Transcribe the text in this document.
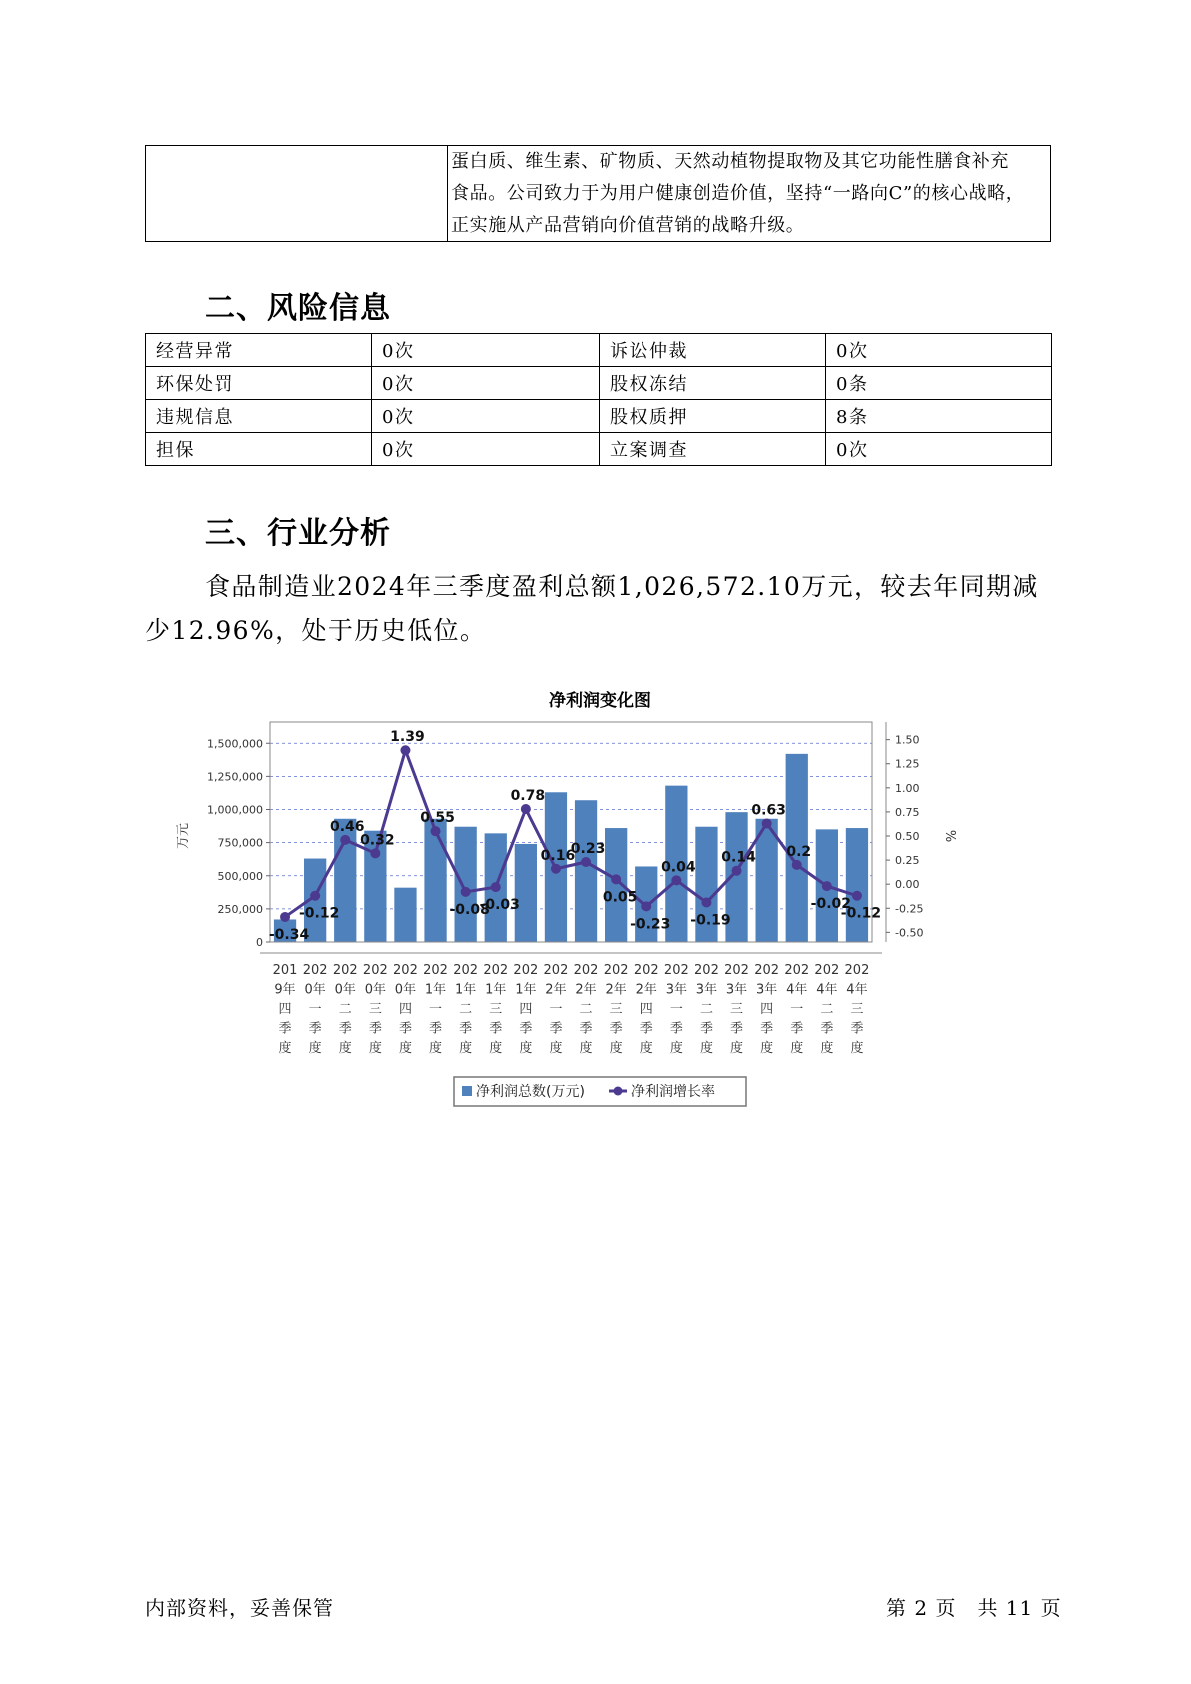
蛋白质、维生素、矿物质、天然动植物提取物及其它功能性膳食补充
食品。公司致力于为用户健康创造价值，坚持“一路向C”的核心战略，
正实施从产品营销向价值营销的战略升级。
二、风险信息
经营异常	0次	诉讼仲裁	0次
环保处罚	0次	股权冻结	0条
违规信息	0次	股权质押	8条
担保	0次	立案调查	0次
三、行业分析
食品制造业2024年三季度盈利总额1,026,572.10万元，较去年同期减
少12.96%，处于历史低位。
净利润变化图
0
250,000
500,000
750,000
1,000,000
1,250,000
1,500,000
-0.50
-0.25
0.00
0.25
0.50
0.75
1.00
1.25
1.50
万元	%
-0.34
-0.12
0.46
0.32
1.39
0.55
-0.08
-0.03
0.78
0.16
0.23
0.05
-0.23
0.04
-0.19
0.14
0.63
0.2
-0.02
-0.12
201
9年
四
季
度
202
0年
一
季
度
202
0年
二
季
度
202
0年
三
季
度
202
0年
四
季
度
202
1年
一
季
度
202
1年
二
季
度
202
1年
三
季
度
202
1年
四
季
度
202
2年
一
季
度
202
2年
二
季
度
202
2年
三
季
度
202
2年
四
季
度
202
3年
一
季
度
202
3年
二
季
度
202
3年
三
季
度
202
3年
四
季
度
202
4年
一
季
度
202
4年
二
季
度
202
4年
三
季
度
净利润总数(万元)	净利润增长率
内部资料，妥善保管	第 2 页　共 11 页
